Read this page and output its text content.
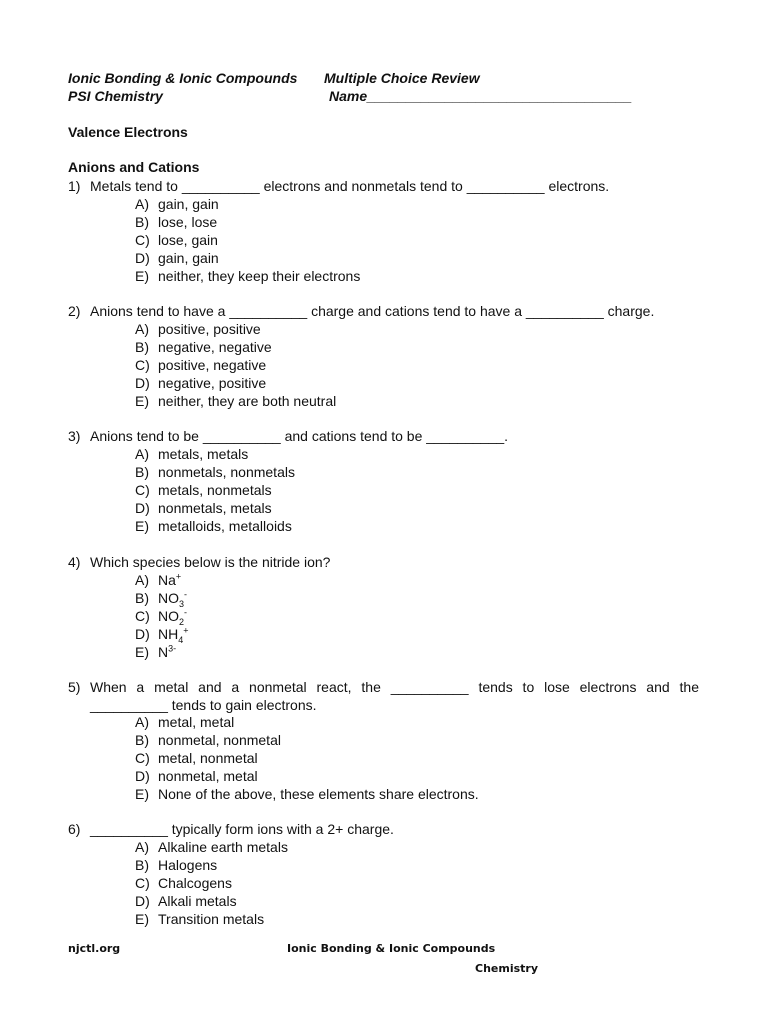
Ionic Bonding & Ionic Compounds Multiple Choice Review
PSI Chemistry	Name__________________________________
Valence Electrons
Anions and Cations
1) Metals tend to __________ electrons and nonmetals tend to __________ electrons.
A) gain, gain
B) lose, lose
C) lose, gain
D) gain, gain
E) neither, they keep their electrons
2) Anions tend to have a __________ charge and cations tend to have a __________ charge.
A) positive, positive
B) negative, negative
C) positive, negative
D) negative, positive
E) neither, they are both neutral
3) Anions tend to be __________ and cations tend to be __________.
A) metals, metals
B) nonmetals, nonmetals
C) metals, nonmetals
D) nonmetals, metals
E) metalloids, metalloids
4) Which species below is the nitride ion?
A) Na+
B) $NO_3^-$
C) $NO_2^-$
D) $NH_4^+$
E) $N^{3-}$
5) When a metal and a nonmetal react, the __________ tends to lose electrons and the
__________ tends to gain electrons.
A) metal, metal
B) nonmetal, nonmetal
C) metal, nonmetal
D) nonmetal, metal
E) None of the above, these elements share electrons.
6) __________ typically form ions with a 2+ charge.
A) Alkaline earth metals
B) Halogens
C) Chalcogens
D) Alkali metals
E) Transition metals
njctl.org	Ionic Bonding & Ionic Compounds
Chemistry
